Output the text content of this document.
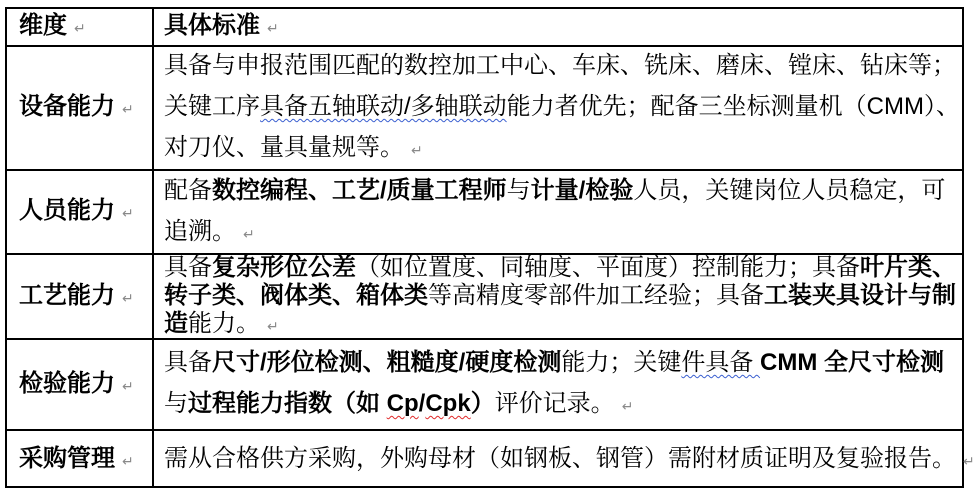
维度 ↵	具体标准 ↵
设备能力 ↵
具备与申报范围匹配的数控加工中心、车床、铣床、磨床、镗床、钻床等；
关键工序具备五轴联动/多轴联动能力者优先；配备三坐标测量机（CMM）、
对刀仪、量具量规等。 ↵
人员能力 ↵
配备数控编程、工艺/质量工程师与计量/检验人员，关键岗位人员稳定，可
追溯。 ↵
工艺能力 ↵
具备复杂形位公差（如位置度、同轴度、平面度）控制能力；具备叶片类、
转子类、阀体类、箱体类等高精度零部件加工经验；具备工装夹具设计与制
造能力。 ↵
检验能力 ↵
具备尺寸/形位检测、粗糙度/硬度检测能力；关键件具备 CMM 全尺寸检测
与过程能力指数（如 Cp/Cpk）评价记录。 ↵
采购管理 ↵ 需从合格供方采购，外购母材（如钢板、钢管）需附材质证明及复验报告。 ↵
